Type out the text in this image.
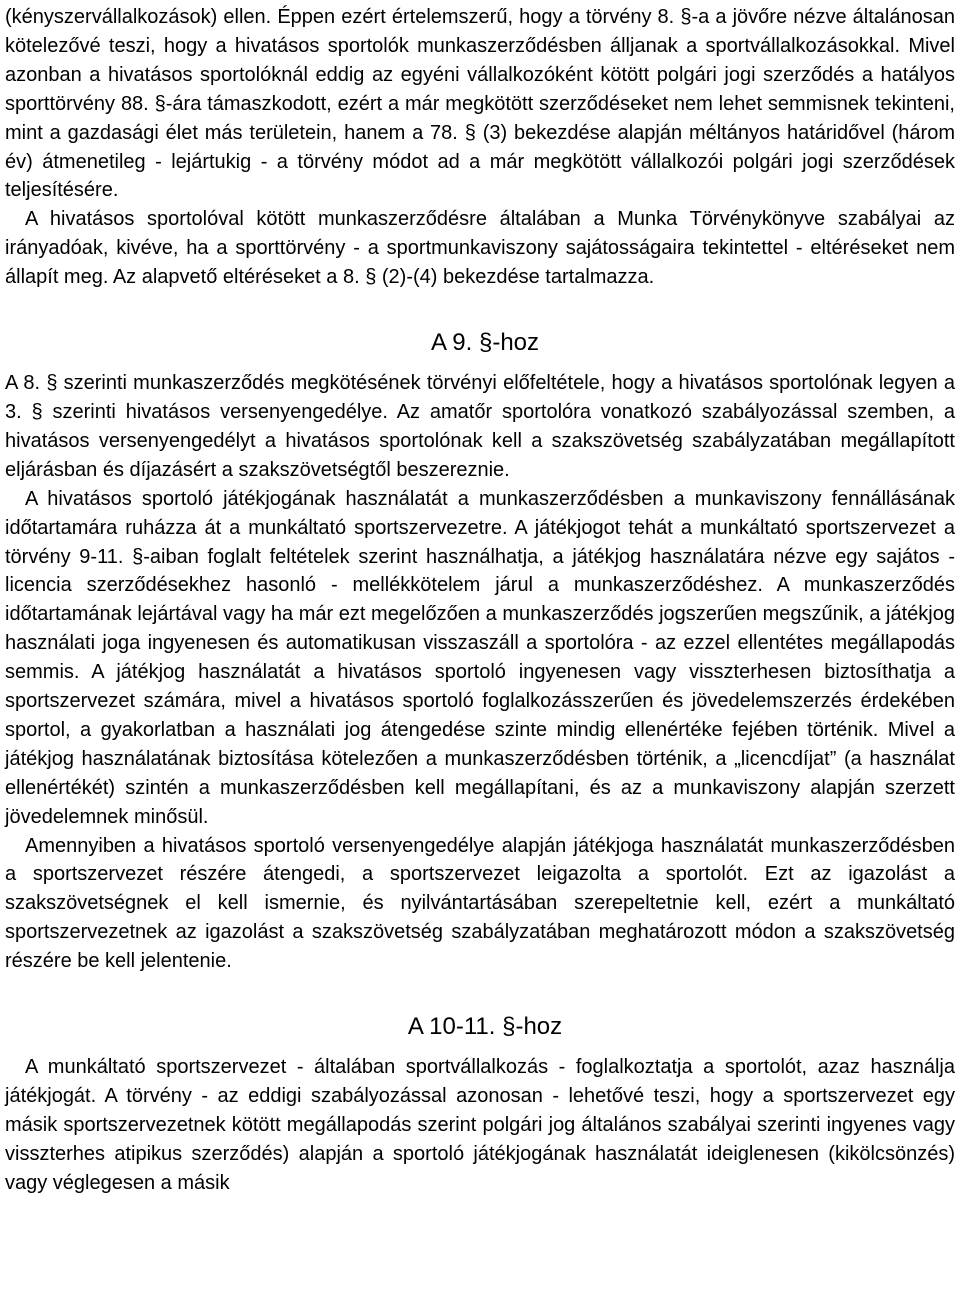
(kényszervállalkozások) ellen. Éppen ezért értelemszerű, hogy a törvény 8. §-a a jövőre nézve általánosan kötelezővé teszi, hogy a hivatásos sportolók munkaszerződésben álljanak a sportvállalkozásokkal. Mivel azonban a hivatásos sportolóknál eddig az egyéni vállalkozóként kötött polgári jogi szerződés a hatályos sporttörvény 88. §-ára támaszkodott, ezért a már megkötött szerződéseket nem lehet semmisnek tekinteni, mint a gazdasági élet más területein, hanem a 78. § (3) bekezdése alapján méltányos határidővel (három év) átmenetileg - lejártukig - a törvény módot ad a már megkötött vállalkozói polgári jogi szerződések teljesítésére.

A hivatásos sportolóval kötött munkaszerződésre általában a Munka Törvénykönyve szabályai az irányadóak, kivéve, ha a sporttörvény - a sportmunkaviszony sajátosságaira tekintettel - eltéréseket nem állapít meg. Az alapvető eltéréseket a 8. § (2)-(4) bekezdése tartalmazza.

A 9. §-hoz

A 8. § szerinti munkaszerződés megkötésének törvényi előfeltétele, hogy a hivatásos sportolónak legyen a 3. § szerinti hivatásos versenyengedélye. Az amatőr sportolóra vonatkozó szabályozással szemben, a hivatásos versenyengedélyt a hivatásos sportolónak kell a szakszövetség szabályzatában megállapított eljárásban és díjazásért a szakszövetségtől beszereznie.

A hivatásos sportoló játékjogának használatát a munkaszerződésben a munkaviszony fennállásának időtartamára ruházza át a munkáltató sportszervezetre. A játékjogot tehát a munkáltató sportszervezet a törvény 9-11. §-aiban foglalt feltételek szerint használhatja, a játékjog használatára nézve egy sajátos - licencia szerződésekhez hasonló - mellékkötelem járul a munkaszerződéshez. A munkaszerződés időtartamának lejártával vagy ha már ezt megelőzően a munkaszerződés jogszerűen megszűnik, a játékjog használati joga ingyenesen és automatikusan visszaszáll a sportolóra - az ezzel ellentétes megállapodás semmis. A játékjog használatát a hivatásos sportoló ingyenesen vagy visszterhesen biztosíthatja a sportszervezet számára, mivel a hivatásos sportoló foglalkozásszerűen és jövedelemszerzés érdekében sportol, a gyakorlatban a használati jog átengedése szinte mindig ellenértéke fejében történik. Mivel a játékjog használatának biztosítása kötelezően a munkaszerződésben történik, a „licencdíjat” (a használat ellenértékét) szintén a munkaszerződésben kell megállapítani, és az a munkaviszony alapján szerzett jövedelemnek minősül.

Amennyiben a hivatásos sportoló versenyengedélye alapján játékjoga használatát munkaszerződésben a sportszervezet részére átengedi, a sportszervezet leigazolta a sportolót. Ezt az igazolást a szakszövetségnek el kell ismernie, és nyilvántartásában szerepeltetnie kell, ezért a munkáltató sportszervezetnek az igazolást a szakszövetség szabályzatában meghatározott módon a szakszövetség részére be kell jelentenie.

A 10-11. §-hoz

A munkáltató sportszervezet - általában sportvállalkozás - foglalkoztatja a sportolót, azaz használja játékjogát. A törvény - az eddigi szabályozással azonosan - lehetővé teszi, hogy a sportszervezet egy másik sportszervezetnek kötött megállapodás szerint polgári jog általános szabályai szerinti ingyenes vagy visszterhes atipikus szerződés) alapján a sportoló játékjogának használatát ideiglenesen (kikölcsönzés) vagy véglegesen a másik
